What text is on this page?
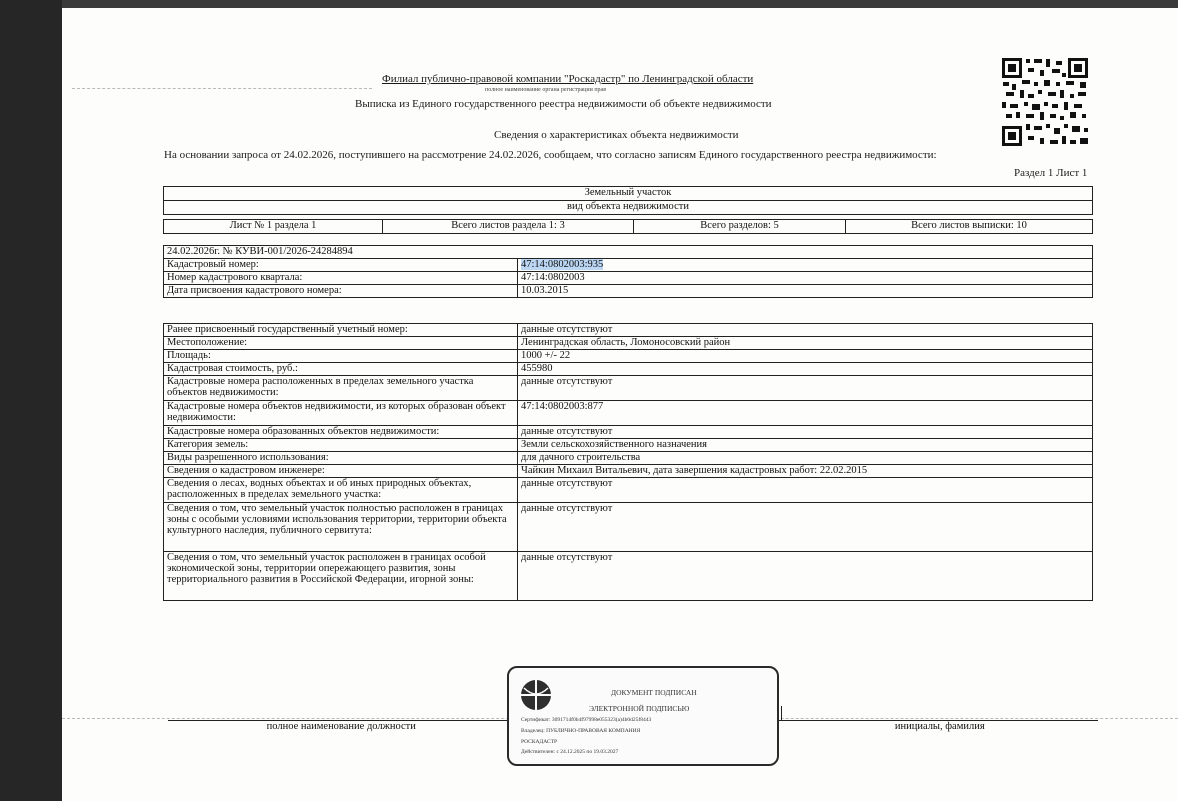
Филиал публично-правовой компании "Роскадастр" по Ленинградской области
полное наименование органа регистрации прав
Выписка из Единого государственного реестра недвижимости об объекте недвижимости
Сведения о характеристиках объекта недвижимости
На основании запроса от 24.02.2026, поступившего на рассмотрение 24.02.2026, сообщаем, что согласно записям Единого государственного реестра недвижимости:
Раздел 1 Лист 1
Земельный участок
вид объекта недвижимости
Лист № 1 раздела 1	Всего листов раздела 1: 3	Всего разделов: 5	Всего листов выписки: 10
24.02.2026г. № КУВИ-001/2026-24284894	
Кадастровый номер:	47:14:0802003:935
Номер кадастрового квартала:	47:14:0802003
Дата присвоения кадастрового номера:	10.03.2015
Ранее присвоенный государственный учетный номер:	данные отсутствуют
Местоположение:	Ленинградская область, Ломоносовский район
Площадь:	1000 +/- 22
Кадастровая стоимость, руб.:	455980
Кадастровые номера расположенных в пределах земельного участка объектов недвижимости:	данные отсутствуют
Кадастровые номера объектов недвижимости, из которых образован объект недвижимости:	47:14:0802003:877
Кадастровые номера образованных объектов недвижимости:	данные отсутствуют
Категория земель:	Земли сельскохозяйственного назначения
Виды разрешенного использования:	для дачного строительства
Сведения о кадастровом инженере:	Чайкин Михаил Витальевич, дата завершения кадастровых работ: 22.02.2015
Сведения о лесах, водных объектах и об иных природных объектах, расположенных в пределах земельного участка:	данные отсутствуют
Сведения о том, что земельный участок полностью расположен в границах зоны с особыми условиями использования территории, территории объекта культурного наследия, публичного сервитута:	данные отсутствуют
Сведения о том, что земельный участок расположен в границах особой экономической зоны, территории опережающего развития, зоны территориального развития в Российской Федерации, игорной зоны:	данные отсутствуют

полное наименование должности		инициалы, фамилия
ДОКУМЕНТ ПОДПИСАН
ЭЛЕКТРОННОЙ ПОДПИСЬЮ
Сертификат: 3091714f0b4f97998e055323(a)4b0d25f8443
Владелец: ПУБЛИЧНО-ПРАВОВАЯ КОМПАНИЯ
РОСКАДАСТР
Действителен: с 24.12.2025 по 19.03.2027
